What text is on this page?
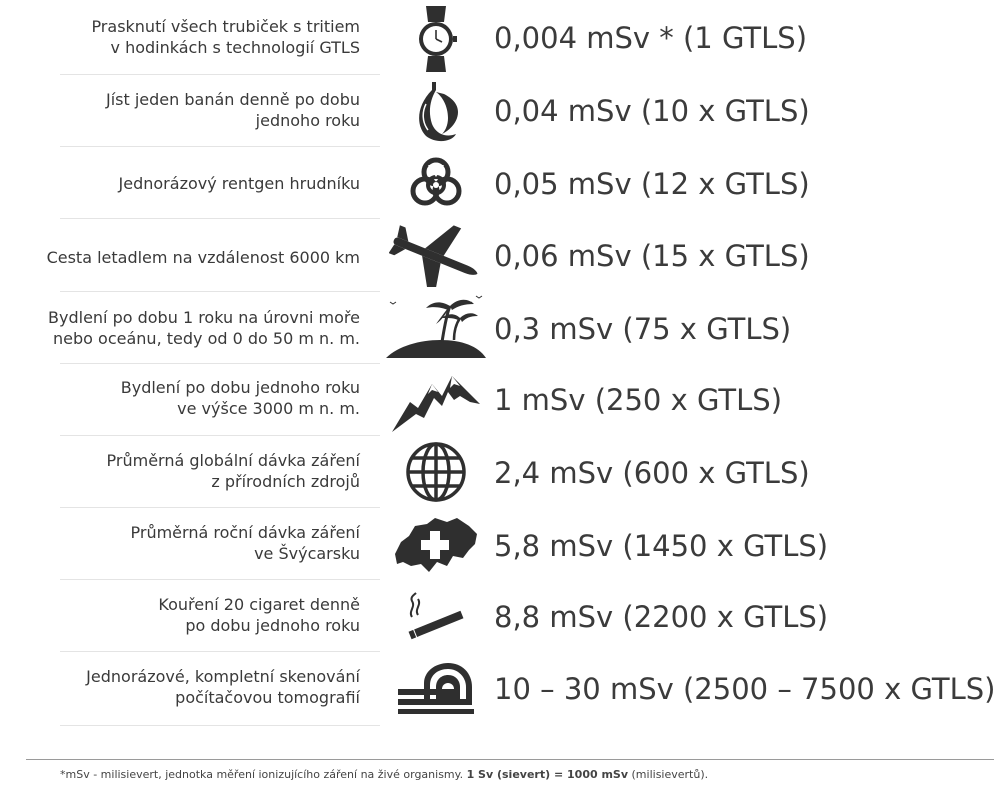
Prasknutí všech trubiček s tritiem
v hodinkách s technologií GTLS	0,004 mSv * (1 GTLS)
Jíst jeden banán denně po dobu
jednoho roku	0,04 mSv (10 x GTLS)
Jednorázový rentgen hrudníku	0,05 mSv (12 x GTLS)
Cesta letadlem na vzdálenost 6000 km	0,06 mSv (15 x GTLS)
Bydlení po dobu 1 roku na úrovni moře
nebo oceánu, tedy od 0 do 50 m n. m.	0,3 mSv (75 x GTLS)
Bydlení po dobu jednoho roku
ve výšce 3000 m n. m.	1 mSv (250 x GTLS)
Průměrná globální dávka záření
z přírodních zdrojů	2,4 mSv (600 x GTLS)
Průměrná roční dávka záření
ve Švýcarsku	5,8 mSv (1450 x GTLS)
Kouření 20 cigaret denně
po dobu jednoho roku	8,8 mSv (2200 x GTLS)
Jednorázové, kompletní skenování
počítačovou tomografií	10 – 30 mSv (2500 – 7500 x GTLS)
*mSv - milisievert, jednotka měření ionizujícího záření na živé organismy. 1 Sv (sievert) = 1000 mSv (milisievertů).
